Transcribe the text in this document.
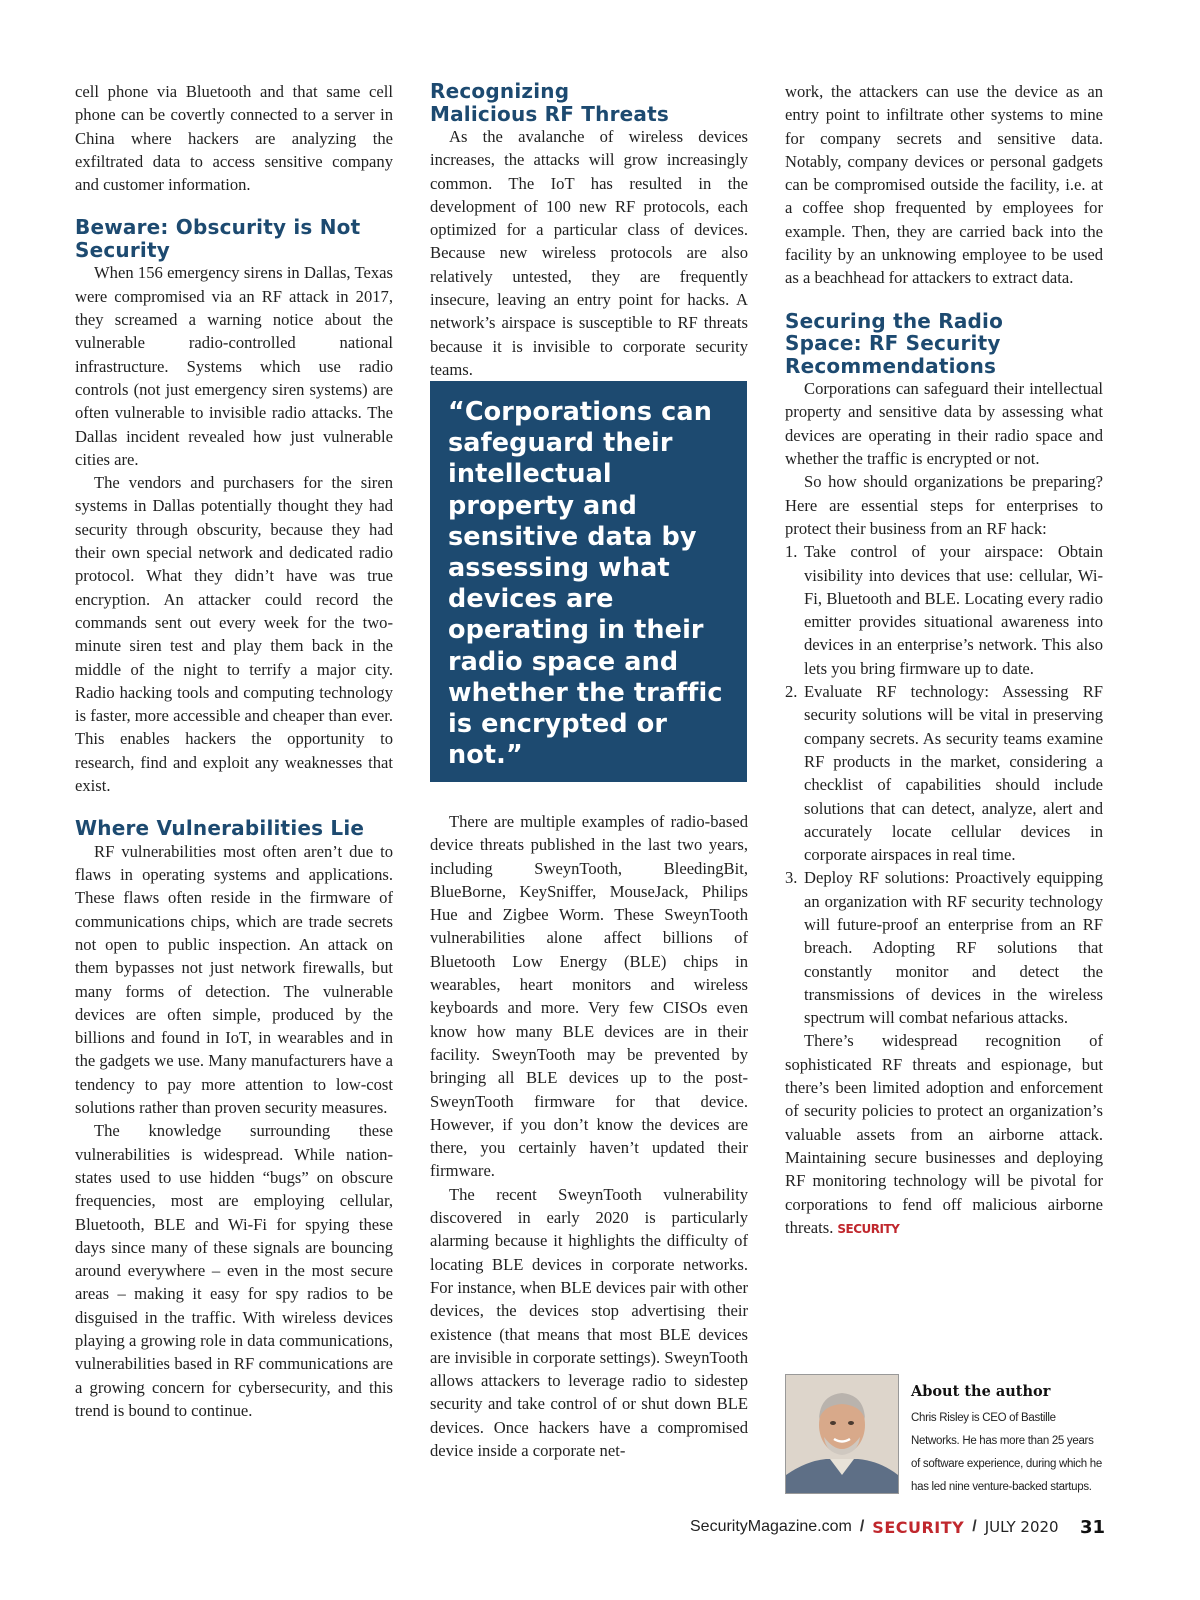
cell phone via Bluetooth and that same cell phone can be covertly connected to a server in China where hackers are analyzing the exfiltrated data to access sensitive company and customer information.

Beware: Obscurity is Not Security

When 156 emergency sirens in Dallas, Texas were compromised via an RF attack in 2017, they screamed a warning notice about the vulnerable radio-controlled national infrastructure. Systems which use radio controls (not just emergency siren systems) are often vulnerable to invisible radio attacks. The Dallas incident revealed how just vulnerable cities are.

The vendors and purchasers for the siren systems in Dallas potentially thought they had security through obscurity, because they had their own special network and dedicated radio protocol. What they didn’t have was true encryption. An attacker could record the commands sent out every week for the two-minute siren test and play them back in the middle of the night to terrify a major city. Radio hacking tools and computing technology is faster, more accessible and cheaper than ever. This enables hackers the opportunity to research, find and exploit any weaknesses that exist.

Where Vulnerabilities Lie

RF vulnerabilities most often aren’t due to flaws in operating systems and applications. These flaws often reside in the firmware of communications chips, which are trade secrets not open to public inspection. An attack on them bypasses not just network firewalls, but many forms of detection. The vulnerable devices are often simple, produced by the billions and found in IoT, in wearables and in the gadgets we use. Many manufacturers have a tendency to pay more attention to low-cost solutions rather than proven security measures.

The knowledge surrounding these vulnerabilities is widespread. While nation-states used to use hidden “bugs” on obscure frequencies, most are employing cellular, Bluetooth, BLE and Wi-Fi for spying these days since many of these signals are bouncing around everywhere – even in the most secure areas – making it easy for spy radios to be disguised in the traffic. With wireless devices playing a growing role in data communications, vulnerabilities based in RF communications are a growing concern for cybersecurity, and this trend is bound to continue.

Recognizing Malicious RF Threats

As the avalanche of wireless devices increases, the attacks will grow increasingly common. The IoT has resulted in the development of 100 new RF protocols, each optimized for a particular class of devices. Because new wireless protocols are also relatively untested, they are frequently insecure, leaving an entry point for hacks. A network’s airspace is susceptible to RF threats because it is invisible to corporate security teams.

“Corporations can safeguard their intellectual property and sensitive data by assessing what devices are operating in their radio space and whether the traffic is encrypted or not.”

There are multiple examples of radio-based device threats published in the last two years, including SweynTooth, BleedingBit, BlueBorne, KeySniffer, MouseJack, Philips Hue and Zigbee Worm. These SweynTooth vulnerabilities alone affect billions of Bluetooth Low Energy (BLE) chips in wearables, heart monitors and wireless keyboards and more. Very few CISOs even know how many BLE devices are in their facility. SweynTooth may be prevented by bringing all BLE devices up to the post-SweynTooth firmware for that device. However, if you don’t know the devices are there, you certainly haven’t updated their firmware.

The recent SweynTooth vulnerability discovered in early 2020 is particularly alarming because it highlights the difficulty of locating BLE devices in corporate networks. For instance, when BLE devices pair with other devices, the devices stop advertising their existence (that means that most BLE devices are invisible in corporate settings). SweynTooth allows attackers to leverage radio to sidestep security and take control of or shut down BLE devices. Once hackers have a compromised device inside a corporate net-

work, the attackers can use the device as an entry point to infiltrate other systems to mine for company secrets and sensitive data. Notably, company devices or personal gadgets can be compromised outside the facility, i.e. at a coffee shop frequented by employees for example. Then, they are carried back into the facility by an unknowing employee to be used as a beachhead for attackers to extract data.

Securing the Radio Space: RF Security Recommendations

Corporations can safeguard their intellectual property and sensitive data by assessing what devices are operating in their radio space and whether the traffic is encrypted or not.

So how should organizations be preparing? Here are essential steps for enterprises to protect their business from an RF hack:

1. Take control of your airspace: Obtain visibility into devices that use: cellular, Wi-Fi, Bluetooth and BLE. Locating every radio emitter provides situational awareness into devices in an enterprise’s network. This also lets you bring firmware up to date.
2. Evaluate RF technology: Assessing RF security solutions will be vital in preserving company secrets. As security teams examine RF products in the market, considering a checklist of capabilities should include solutions that can detect, analyze, alert and accurately locate cellular devices in corporate airspaces in real time.
3. Deploy RF solutions: Proactively equipping an organization with RF security technology will future-proof an enterprise from an RF breach. Adopting RF solutions that constantly monitor and detect the transmissions of devices in the wireless spectrum will combat nefarious attacks.

There’s widespread recognition of sophisticated RF threats and espionage, but there’s been limited adoption and enforcement of security policies to protect an organization’s valuable assets from an airborne attack. Maintaining secure businesses and deploying RF monitoring technology will be pivotal for corporations to fend off malicious airborne threats. SECURITY

About the author
Chris Risley is CEO of Bastille Networks. He has more than 25 years of software experience, during which he has led nine venture-backed startups.
SecurityMagazine.com / SECURITY / JULY 2020 31
